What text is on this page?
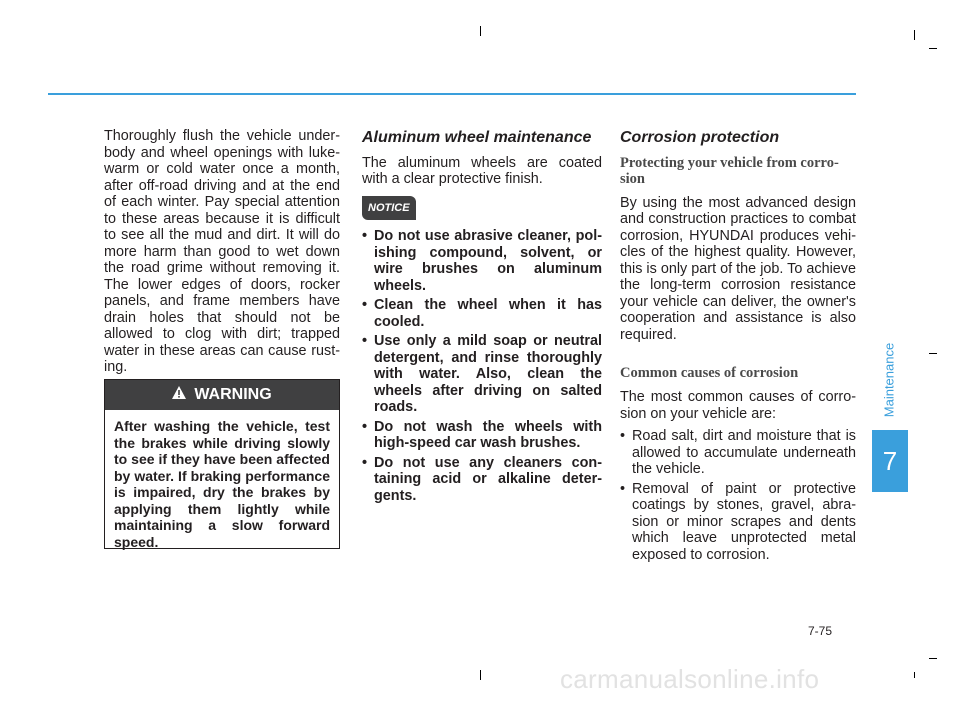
Thoroughly flush the vehicle under- body and wheel openings with luke- warm or cold water once a month, after off-road driving and at the end of each winter. Pay special attention to these areas because it is difficult to see all the mud and dirt. It will do more harm than good to wet down the road grime without removing it. The lower edges of doors, rocker panels, and frame members have drain holes that should not be allowed to clog with dirt; trapped water in these areas can cause rust- ing.

WARNING
After washing the vehicle, test the brakes while driving slowly to see if they have been affected by water. If braking performance is impaired, dry the brakes by applying them lightly while maintaining a slow forward speed.
Aluminum wheel maintenance

The aluminum wheels are coated with a clear protective finish.

NOTICE
• Do not use abrasive cleaner, pol- ishing compound, solvent, or wire brushes on aluminum wheels.
• Clean the wheel when it has cooled.
• Use only a mild soap or neutral detergent, and rinse thoroughly with water. Also, clean the wheels after driving on salted roads.
• Do not wash the wheels with high-speed car wash brushes.
• Do not use any cleaners con- taining acid or alkaline deter- gents.
Corrosion protection
Protecting your vehicle from corro- sion

By using the most advanced design and construction practices to combat corrosion, HYUNDAI produces vehi- cles of the highest quality. However, this is only part of the job. To achieve the long-term corrosion resistance your vehicle can deliver, the owner's cooperation and assistance is also required.

Common causes of corrosion

The most common causes of corro- sion on your vehicle are:

• Road salt, dirt and moisture that is allowed to accumulate underneath the vehicle.
• Removal of paint or protective coatings by stones, gravel, abra- sion or minor scrapes and dents which leave unprotected metal exposed to corrosion.
Maintenance
7
7-75
carmanualsonline.info
